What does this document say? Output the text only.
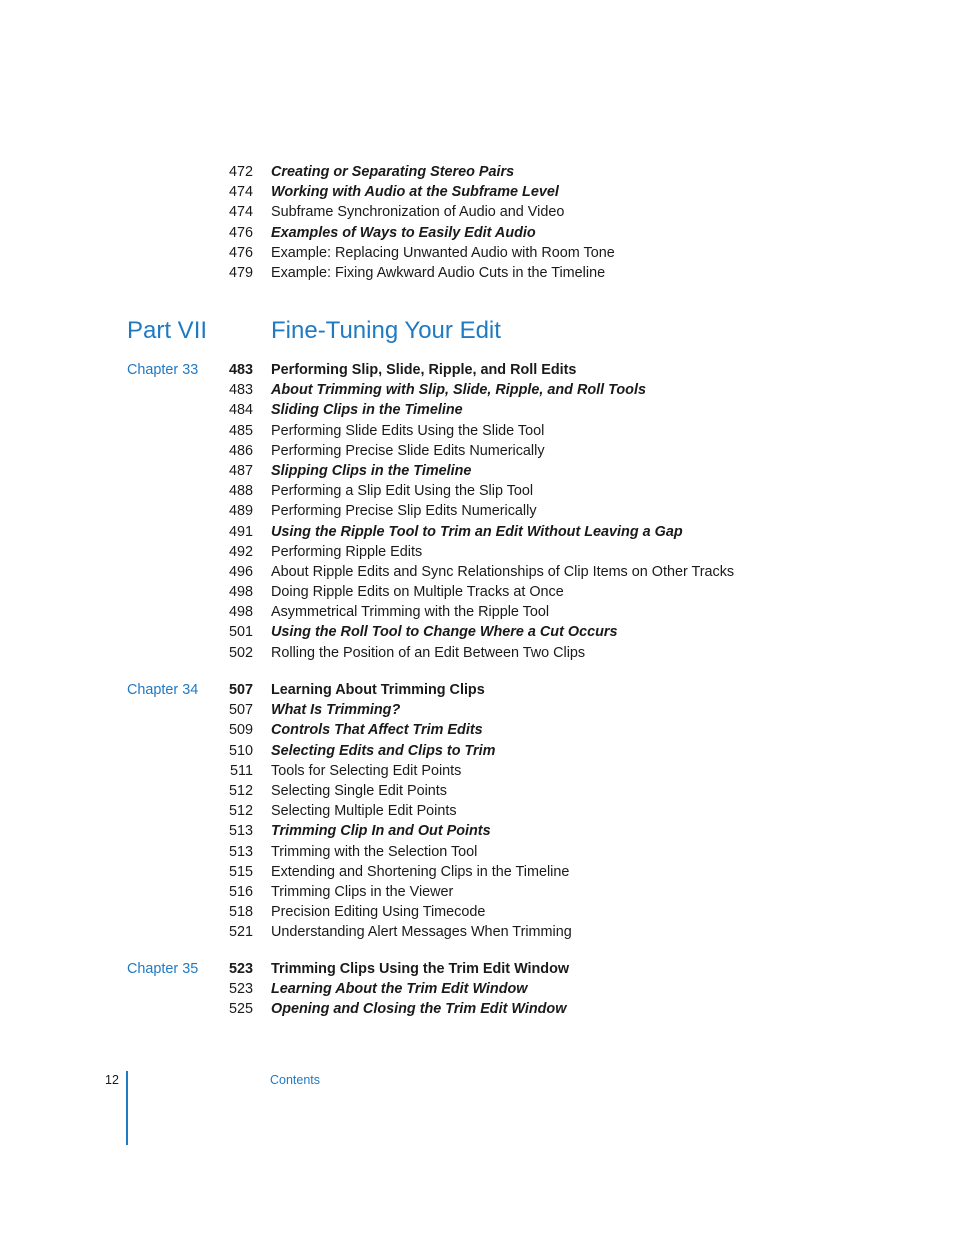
472 Creating or Separating Stereo Pairs
474 Working with Audio at the Subframe Level
474 Subframe Synchronization of Audio and Video
476 Examples of Ways to Easily Edit Audio
476 Example: Replacing Unwanted Audio with Room Tone
479 Example: Fixing Awkward Audio Cuts in the Timeline
Part VII	Fine-Tuning Your Edit
Chapter 33	483 Performing Slip, Slide, Ripple, and Roll Edits
483 About Trimming with Slip, Slide, Ripple, and Roll Tools
484 Sliding Clips in the Timeline
485 Performing Slide Edits Using the Slide Tool
486 Performing Precise Slide Edits Numerically
487 Slipping Clips in the Timeline
488 Performing a Slip Edit Using the Slip Tool
489 Performing Precise Slip Edits Numerically
491 Using the Ripple Tool to Trim an Edit Without Leaving a Gap
492 Performing Ripple Edits
496 About Ripple Edits and Sync Relationships of Clip Items on Other Tracks
498 Doing Ripple Edits on Multiple Tracks at Once
498 Asymmetrical Trimming with the Ripple Tool
501 Using the Roll Tool to Change Where a Cut Occurs
502 Rolling the Position of an Edit Between Two Clips
Chapter 34	507 Learning About Trimming Clips
507 What Is Trimming?
509 Controls That Affect Trim Edits
510 Selecting Edits and Clips to Trim
511 Tools for Selecting Edit Points
512 Selecting Single Edit Points
512 Selecting Multiple Edit Points
513 Trimming Clip In and Out Points
513 Trimming with the Selection Tool
515 Extending and Shortening Clips in the Timeline
516 Trimming Clips in the Viewer
518 Precision Editing Using Timecode
521 Understanding Alert Messages When Trimming
Chapter 35	523 Trimming Clips Using the Trim Edit Window
523 Learning About the Trim Edit Window
525 Opening and Closing the Trim Edit Window
12	Contents
